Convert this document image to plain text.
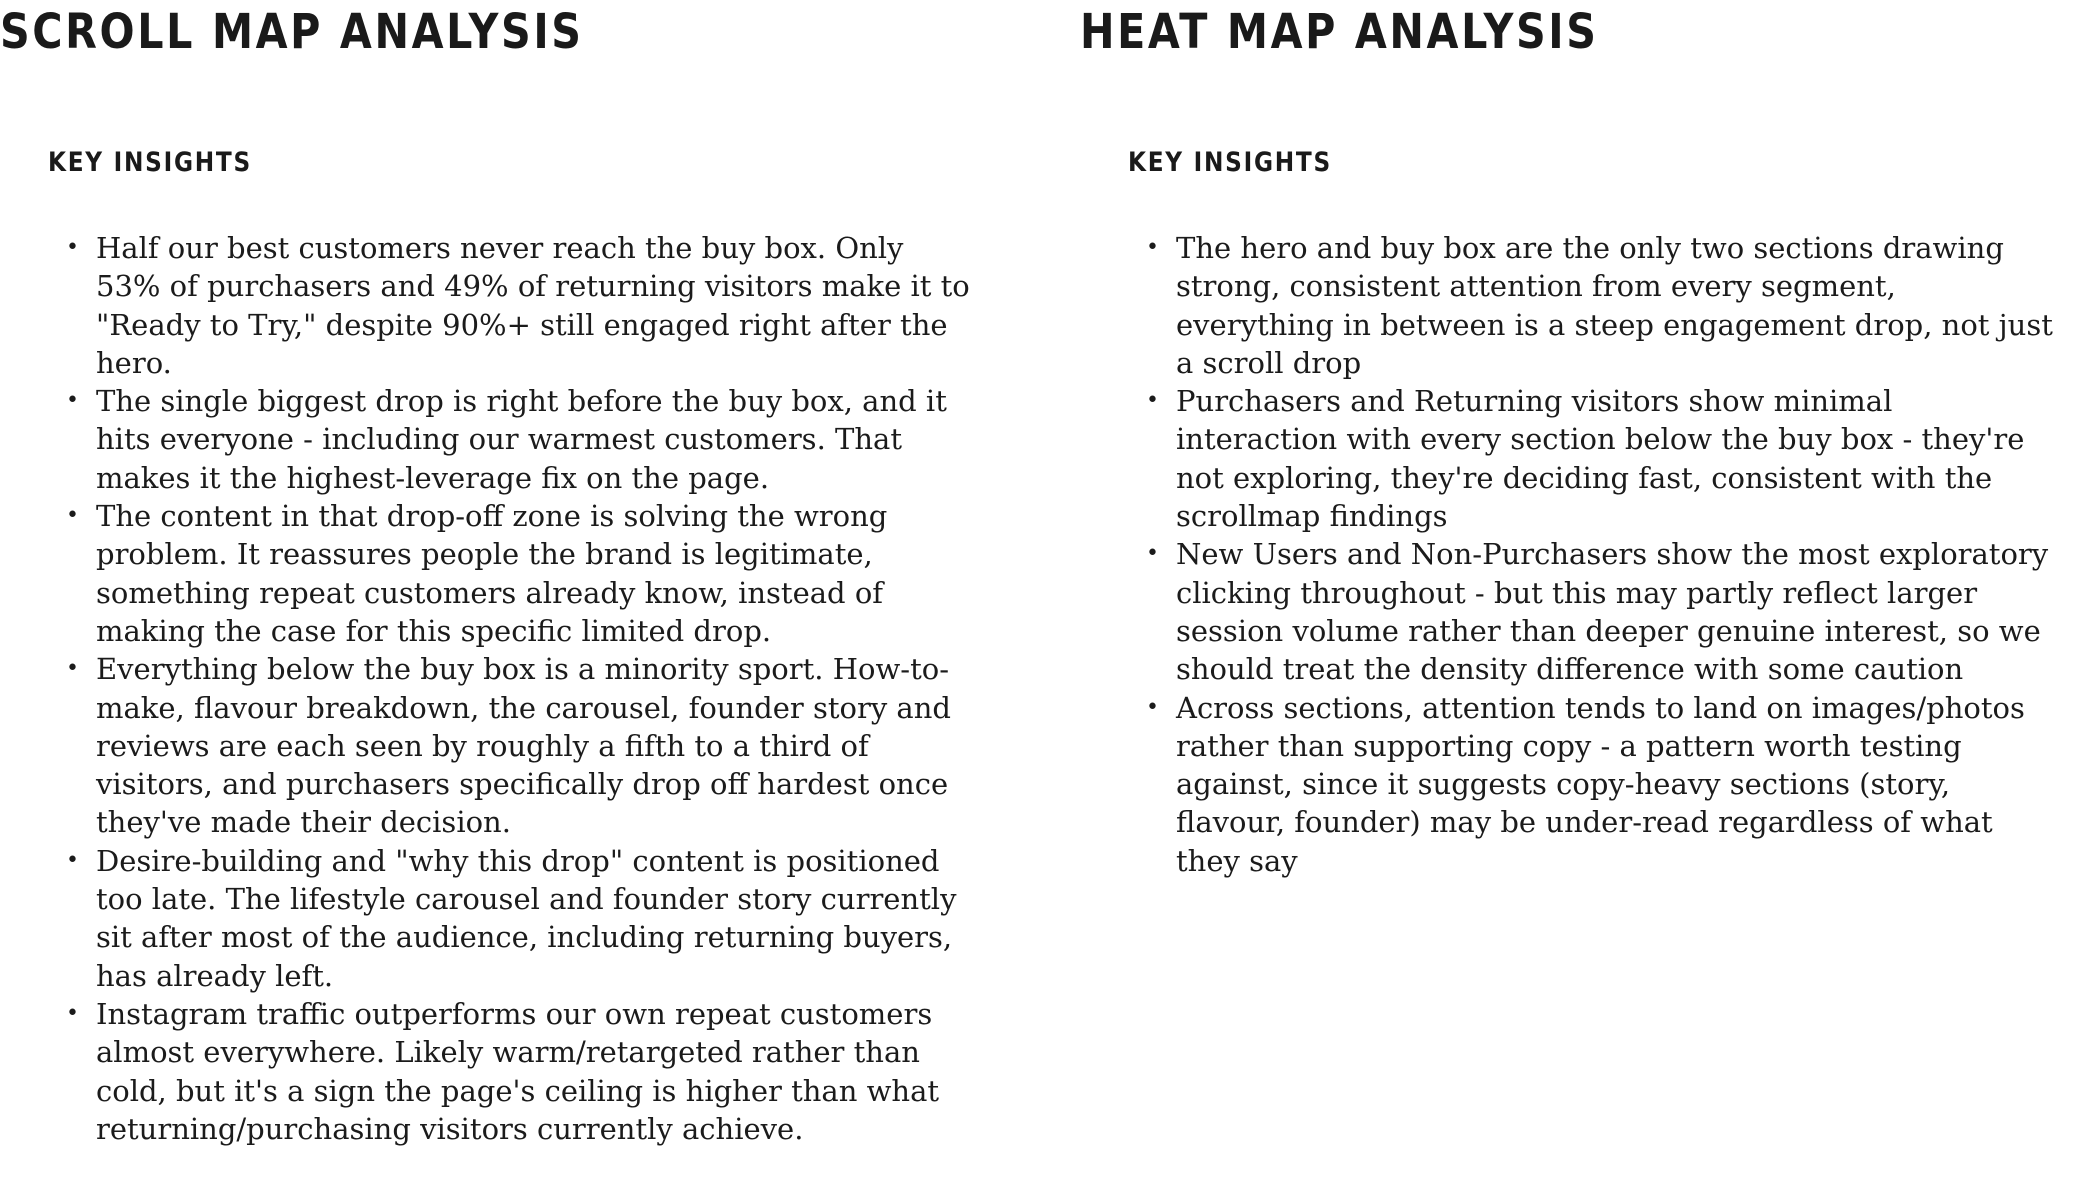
SCROLL MAP ANALYSIS
KEY INSIGHTS
• Half our best customers never reach the buy box. Only 53% of purchasers and 49% of returning visitors make it to "Ready to Try," despite 90%+ still engaged right after the hero.
• The single biggest drop is right before the buy box, and it hits everyone - including our warmest customers. That makes it the highest-leverage fix on the page.
• The content in that drop-off zone is solving the wrong problem. It reassures people the brand is legitimate, something repeat customers already know, instead of making the case for this specific limited drop.
• Everything below the buy box is a minority sport. How-to-make, flavour breakdown, the carousel, founder story and reviews are each seen by roughly a fifth to a third of visitors, and purchasers specifically drop off hardest once they've made their decision.
• Desire-building and "why this drop" content is positioned too late. The lifestyle carousel and founder story currently sit after most of the audience, including returning buyers, has already left.
• Instagram traffic outperforms our own repeat customers almost everywhere. Likely warm/retargeted rather than cold, but it's a sign the page's ceiling is higher than what returning/purchasing visitors currently achieve.
HEAT MAP ANALYSIS
KEY INSIGHTS
• The hero and buy box are the only two sections drawing strong, consistent attention from every segment, everything in between is a steep engagement drop, not just a scroll drop
• Purchasers and Returning visitors show minimal interaction with every section below the buy box - they're not exploring, they're deciding fast, consistent with the scrollmap findings
• New Users and Non-Purchasers show the most exploratory clicking throughout - but this may partly reflect larger session volume rather than deeper genuine interest, so we should treat the density difference with some caution
• Across sections, attention tends to land on images/photos rather than supporting copy - a pattern worth testing against, since it suggests copy-heavy sections (story, flavour, founder) may be under-read regardless of what they say
